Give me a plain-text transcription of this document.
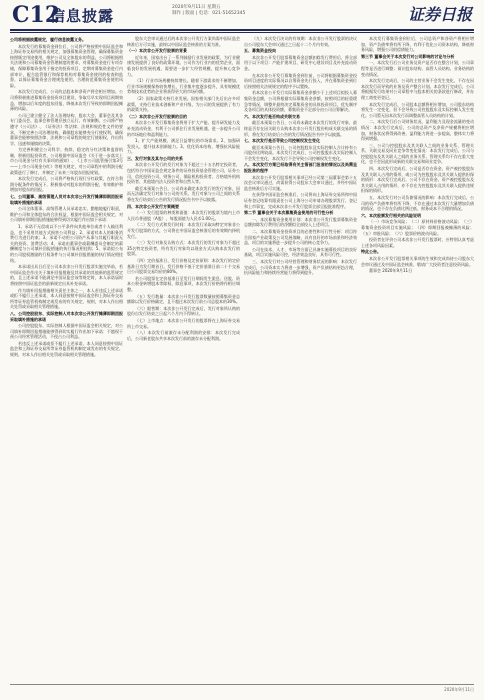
C12
信息披露	2020年9月11日 星期五
制作 | 版面 | 电话：021-51652345	证券日报

公司将根据披露规定，履行信息披露义务。

本次发行的募集资金到位后，公司将严格按照中国证监会和上海证券交易所的相关规定，加强募集资金管理，确保募集资金按照既定用途使用，维护公司及全体股东的利益。公司将根据相关法规和公司募集资金管理制度的要求，对募集资金进行专项存储，保障募集资金用于指定的投资项目，定期对募集资金进行内部审计，配合监管银行和保荐机构对募集资金使用的检查和监督，以保证募集资金合理规范使用，合理防范募集资金使用风险。

本次发行完成后，公司的总股本和净资产将会相应增加。公司将积极推进募集资金投资项目建设，争取尽早实现项目预期效益，增加以后年度的股东回报，降低本次发行导致的即期回报摊薄的风险。

公司已建立健全了法人治理结构，股东大会、董事会及其各专门委员会、监事会和管理层独立运行、有效制衡，公司将严格遵守《公司法》、《证券法》等法律、法规和规范性文件的要求，不断完善公司治理结构，确保股东能够充分行使权利，确保董事会能够按照法律、法规和公司章程的规定行使职权、作出科学、迅速和谨慎的决策。

为完善和健全公司科学、持续、稳定的分红决策和监督机制，积极回报投资者，公司根据中国证监会《关于进一步落实上市公司现金分红有关事项的通知》、《上市公司监管指引第3号——上市公司现金分红》等相关规定，对公司章程中的利润分配政策进行了修订，并制定了未来三年股东回报规划。

本次发行完成后，公司将严格执行现行分红政策，在符合利润分配条件的情况下，积极推动对股东的利润分配，有效维护和增加对股东的回报。

七、公司董事、高级管理人员对本次非公开发行摊薄即期回报采取填补措施的承诺

公司全体董事、高级管理人员承诺忠实、勤勉地履行职责，维护公司和全体股东的合法权益，根据中国证监会相关规定，对公司填补即期回报措施能够得到切实履行作出如下承诺：

1、承诺不无偿或以不公平条件向其他单位或者个人输送利益，也不采用其他方式损害公司利益；2、承诺对本人的职务消费行为进行约束；3、承诺不动用公司资产从事与其履行职责无关的投资、消费活动；4、承诺由董事会或薪酬委员会制定的薪酬制度与公司填补回报措施的执行情况相挂钩；5、承诺拟公布的公司股权激励的行权条件与公司填补回报措施的执行情况相挂钩。

本承诺出具日后至公司本次非公开发行股票实施完毕前，若中国证监会作出关于填补回报措施及其承诺的其他新的监管规定的，且上述承诺不能满足中国证监会该等规定时，本人承诺届时将按照中国证监会的最新规定出具补充承诺。

作为填补回报措施相关责任主体之一，本人若违反上述承诺或拒不履行上述承诺，本人同意按照中国证监会和上海证券交易所等证券监管机构制定或发布的有关规定、规则，对本人作出相关处罚或采取相关管理措施。

八、公司控股股东、实际控制人对本次非公开发行摊薄即期回报采取填补措施的承诺

公司控股股东、实际控制人根据中国证监会相关规定，对公司填补即期回报措施能够得到切实履行作出如下承诺：不越权干预公司经营管理活动，不侵占公司利益。

若违反上述承诺或拒不履行上述承诺，本人同意按照中国证监会和上海证券交易所等证券监管机构制定或发布的有关规定、规则，对本人作出相关处罚或采取相关管理措施。

股东大会审议通过后的本次非公开发行方案尚需中国证监会核准后方可实施，最终以中国证监会核准的方案为准。

（一）本次非公开发行股票的背景

近年来，国家出台了一系列鼓励行业发展的政策，为行业健康发展提供了良好的政策环境。公司作为行业内的优势企业，面临良好的发展机遇，需要进一步扩大经营规模，提升核心竞争力。

（1）行业市场规模持续增长。随着下游需求的不断增加，行业市场规模保持较快增长，行业集中度逐步提升，具有规模优势和技术优势的企业将获得更大的市场份额。

（2）国家政策支持行业发展。国家相关部门先后出台多项政策，支持行业技术创新和产业升级，为公司的发展提供了有力的政策支持。

（二）本次非公开发行股票的目的

本次非公开发行募集资金将用于扩大产能、提升研发能力及补充流动资金，有利于公司抓住行业发展机遇，进一步提升公司的市场地位和盈利能力。

1、扩大产能规模，满足日益增长的市场需求。2、加强研发投入，提升技术创新能力。3、优化资本结构，增强抗风险能力。

三、发行对象及其与公司的关系

本次非公开发行的发行对象为不超过三十五名特定投资者，包括符合中国证监会规定条件的证券投资基金管理公司、证券公司、信托投资公司、财务公司、保险机构投资者、合格境外机构投资者、其他境内法人投资者和自然人等。

截至本预案公告日，公司尚未确定本次发行的发行对象，因而无法确定发行对象与公司的关系。发行对象与公司之间的关系将在发行结束后公告的发行情况报告书中予以披露。

四、本次非公开发行方案概要

（一）发行股票的种类和面值：本次发行的股票为境内上市人民币普通股（A股），每股面值为人民币1.00元。

（二）发行方式和发行时间：本次发行采取向特定对象非公开发行股票的方式，公司将在中国证监会核准后的有效期内择机发行。

（三）发行对象及认购方式：本次发行的发行对象为不超过35名特定投资者，所有发行对象均以现金方式认购本次发行的股票。

（四）定价基准日、发行价格及定价原则：本次发行的定价基准日为发行期首日。发行价格不低于定价基准日前二十个交易日公司股票交易均价的80%。

若公司股票在定价基准日至发行日期间发生派息、送股、资本公积金转增股本等除权、除息事项，本次发行价格将作相应调整。

（五）发行数量：本次非公开发行股票数量按照募集资金总额除以发行价格确定，且不超过本次发行前公司总股本的30%。

（六）限售期：本次非公开发行完成后，发行对象所认购的股份自发行结束之日起六个月内不得转让。

（七）上市地点：本次非公开发行的股票将在上海证券交易所上市交易。

（八）本次发行前滚存未分配利润的安排：本次发行完成后，公司新老股东共享本次发行前的滚存未分配利润。

（九）本次发行决议的有效期：本次非公开发行股票的决议自公司股东大会审议通过之日起十二个月内有效。

五、募集资金投向

本次非公开发行股票募集资金总额扣除发行费用后，将全部用于以下项目：产能扩建项目、研发中心建设项目及补充流动资金。

在本次非公开发行募集资金到位前，公司将根据募集资金投资项目进度的实际情况以自筹资金先行投入，并在募集资金到位后按照相关法规规定的程序予以置换。

若本次非公开发行实际募集资金净额少于上述项目拟投入募集资金总额，公司将根据实际募集资金净额，按照项目的轻重缓急等情况，调整并最终决定募集资金的具体投资项目、优先顺序及各项目的具体投资额，募集资金不足部分由公司自筹解决。

六、本次发行是否构成关联交易

截至本预案公告日，公司尚未确定本次发行的发行对象，最终是否存在因关联方认购本次非公开发行股份构成关联交易的情形，将在发行结束后公告的发行情况报告书中予以披露。

七、本次发行是否导致公司控制权发生变化

截至本预案公告日，公司控股股东及实际控制人合计持有公司股份比例较高。本次发行完成后，公司控股股东及实际控制人不会发生变化，本次发行不会导致公司控制权发生变化。

八、本次发行方案已经取得有关主管部门批准的情况以及尚需呈报批准的程序

本次非公开发行股票相关事项已经公司第三届董事会第十五次会议审议通过，尚需获得公司股东大会审议通过，并经中国证监会核准后方可实施。

在获得中国证监会核准后，公司将向上海证券交易所和中国证券登记结算有限责任公司上海分公司申请办理股票发行、登记和上市事宜，完成本次非公开发行股票全部呈报批准程序。

第二节 董事会关于本次募集资金使用的可行性分析

一、本次募集资金使用计划：本次非公开发行股票募集资金总额扣除发行费用后的净额拟全部投入上述项目。

二、本次募集资金投资项目的必要性和可行性分析：项目符合国家产业政策及公司发展战略，具有良好的市场前景和经济效益，项目的实施将进一步提升公司的核心竞争力。

公司在技术、人才、市场等方面已具备实施募投项目的良好基础，项目实施风险可控，经济效益良好，具有可行性。

三、本次发行对公司经营管理和财务状况的影响：本次发行完成后，公司资本实力将进一步增强，资产负债结构更趋合理，抗风险能力和持续经营能力将得到提升。

本次发行募集资金到位后，公司总资产和净资产将相应增加，资产负债率将有所下降，有利于优化公司资本结构，降低财务风险，增强公司的偿债能力。

第三节 董事会关于本次发行对公司影响的讨论与分析

一、本次发行后公司业务及资产是否存在整合计划，公司章程等是否进行调整；预计股东结构、高管人员结构、业务结构的变动情况。

本次发行完成后，公司的主营业务不会发生变化，不存在因本次发行而导致的业务及资产整合计划。本次发行完成后，公司将根据发行结果对公司章程中与股本相关的条款进行修改，并办理工商变更登记。

本次发行完成后，公司股本总额将相应增加，公司股东结构将发生一定变化，但不会导致公司控股股东及实际控制人发生变化。公司暂无因本次发行而调整高管人员结构的计划。

二、本次发行后公司财务状况、盈利能力及现金流量的变动情况：本次发行完成后，公司的总资产及净资产规模将相应增加，财务状况将得到改善，盈利能力将进一步提高，整体实力将得到增强。

三、公司与控股股东及其关联人之间的业务关系、管理关系、关联交易及同业竞争等变化情况：本次发行完成后，公司与控股股东及其关联人之间的业务关系、管理关系均不存在重大变化，也不会因此形成新的关联交易和同业竞争。

四、本次发行完成后，公司是否存在资金、资产被控股股东及其关联人占用的情形，或公司为控股股东及其关联人提供担保的情形：本次发行完成后，公司不存在资金、资产被控股股东及其关联人占用的情形，亦不存在为控股股东及其关联人提供违规担保的情形。

五、本次发行对公司负债情况的影响：本次发行完成后，公司的资产负债率将有所下降，不存在通过本次发行大量增加负债的情况，也不存在负债比例过低、财务成本不合理的情况。

六、本次股票发行相关的风险说明

（一）市场竞争风险；（二）原材料价格波动风险；（三）募集资金投资项目实施风险；（四）即期回报被摊薄的风险；（五）审批风险；（六）股票价格波动风险。

投资者在评价公司本次非公开发行股票时，应特别认真考虑上述各项风险因素。

特此公告。

本次非公开发行股票相关事项的生效和完成尚待公司股东大会审议通过及中国证监会核准，敬请广大投资者注意投资风险。

董事会 2020年9月11日

2020年9月11日
